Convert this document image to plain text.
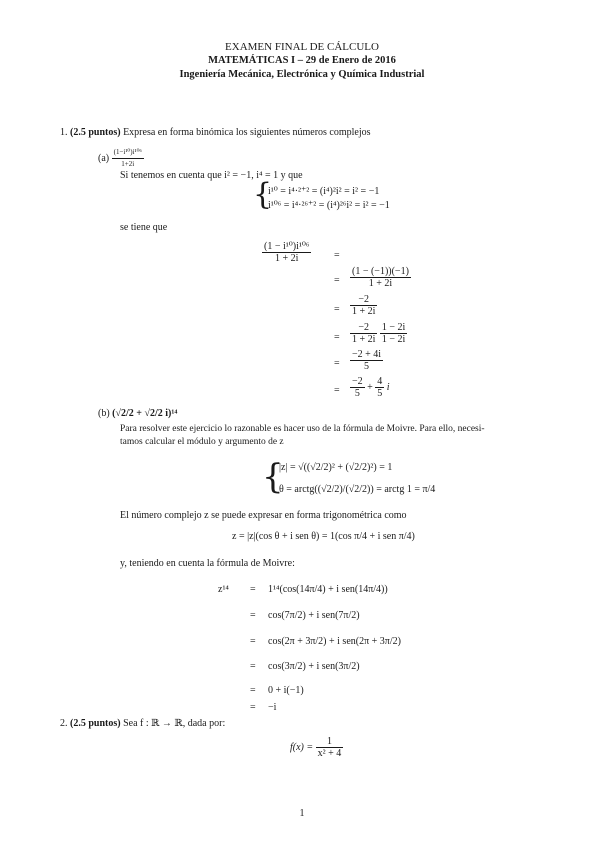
EXAMEN FINAL DE CÁLCULO
MATEMÁTICAS I – 29 de Enero de 2016
Ingeniería Mecánica, Electrónica y Química Industrial
1. (2.5 puntos) Expresa en forma binómica los siguientes números complejos
$(a) \frac{\text{(1−i¹⁰)i¹⁰⁶}}{1+2i}$
Si tenemos en cuenta que i² = −1, i⁴ = 1 y que
{
i¹⁰ = i⁴·²⁺² = (i⁴)²i² = i² = −1
i¹⁰⁶ = i⁴·²⁶⁺² = (i⁴)²⁶i² = i² = −1
se tiene que
$\frac{\text{(1 − i¹⁰)i¹⁰⁶}}{1 + 2i}$ =
= $\frac{(1 - (-1))(-1)}{1 + 2i}$
= $\frac{-2}{1 + 2i}$
= $\frac{-2}{1 + 2i}$
$\frac{1 - 2i}{1 - 2i}$
= $\frac{-2 + 4i}{5}$
= $\frac{-2}{5} + \frac{4}{5}$ i
(b) (√2/2 + √2/2 i)¹⁴
Para resolver este ejercicio lo razonable es hacer uso de la fórmula de Moivre. Para ello, necesi-
tamos calcular el módulo y argumento de z
{
|z| = √((√2/2)² + (√2/2)²) = 1
θ = arctg((√2/2)/(√2/2)) = arctg 1 = π/4
El número complejo z se puede expresar en forma trigonométrica como
z = |z|(cos θ + i sen θ) = 1(cos π/4 + i sen π/4)
y, teniendo en cuenta la fórmula de Moivre:
z¹⁴ = 1¹⁴(cos(14π/4) + i sen(14π/4))
= cos(7π/2) + i sen(7π/2)
= cos(2π + 3π/2) + i sen(2π + 3π/2)
= cos(3π/2) + i sen(3π/2)
= 0 + i(−1)
= −i
2. (2.5 puntos) Sea f : ℝ → ℝ, dada por:
$f(x) = \frac{1}{\text{x² + 4}}$
1
